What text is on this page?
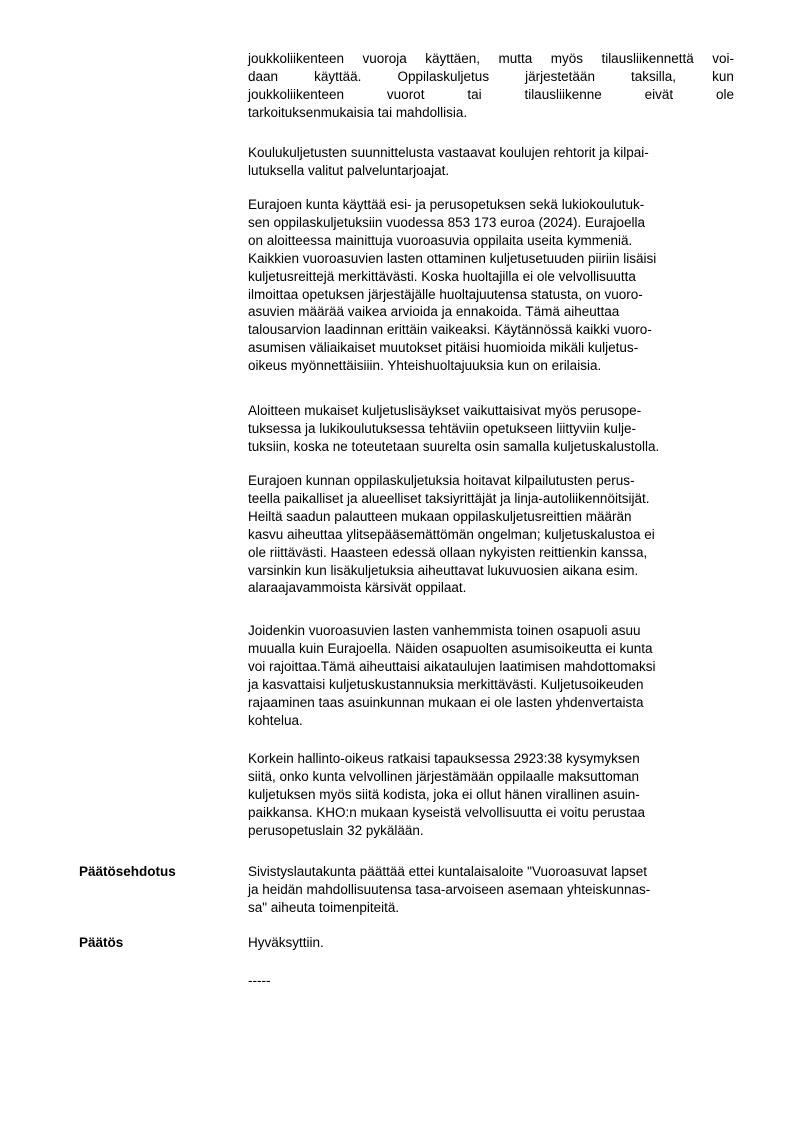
joukkoliikenteen vuoroja käyttäen, mutta myös tilausliikennettä voi-
daan	käyttää.	Oppilaskuljetus	järjestetään	taksilla,	kun
joukkoliikenteen	vuorot	tai	tilausliikenne	eivät	ole
tarkoituksenmukaisia tai mahdollisia.
Koulukuljetusten suunnittelusta vastaavat koulujen rehtorit ja kilpai-
lutuksella valitut palveluntarjoajat.
Eurajoen kunta käyttää esi- ja perusopetuksen sekä lukiokoulutuk-
sen oppilaskuljetuksiin vuodessa 853 173 euroa (2024). Eurajoella
on aloitteessa mainittuja vuoroasuvia oppilaita useita kymmeniä.
Kaikkien vuoroasuvien lasten ottaminen kuljetusetuuden piiriin lisäisi
kuljetusreittejä merkittävästi. Koska huoltajilla ei ole velvollisuutta
ilmoittaa opetuksen järjestäjälle huoltajuutensa statusta, on vuoro-
asuvien määrää vaikea arvioida ja ennakoida. Tämä aiheuttaa
talousarvion laadinnan erittäin vaikeaksi. Käytännössä kaikki vuoro-
asumisen väliaikaiset muutokset pitäisi huomioida mikäli kuljetus-
oikeus myönnettäisiiin. Yhteishuoltajuuksia kun on erilaisia.
Aloitteen mukaiset kuljetuslisäykset vaikuttaisivat myös perusope-
tuksessa ja lukikoulutuksessa tehtäviin opetukseen liittyviin kulje-
tuksiin, koska ne toteutetaan suurelta osin samalla kuljetuskalustolla.
Eurajoen kunnan oppilaskuljetuksia hoitavat kilpailutusten perus-
teella paikalliset ja alueelliset taksiyrittäjät ja linja-autoliikennöitsijät.
Heiltä saadun palautteen mukaan oppilaskuljetusreittien määrän
kasvu aiheuttaa ylitsepääsemättömän ongelman; kuljetuskalustoa ei
ole riittävästi. Haasteen edessä ollaan nykyisten reittienkin kanssa,
varsinkin kun lisäkuljetuksia aiheuttavat lukuvuosien aikana esim.
alaraajavammoista kärsivät oppilaat.
Joidenkin vuoroasuvien lasten vanhemmista toinen osapuoli asuu
muualla kuin Eurajoella. Näiden osapuolten asumisoikeutta ei kunta
voi rajoittaa.Tämä aiheuttaisi aikataulujen laatimisen mahdottomaksi
ja kasvattaisi kuljetuskustannuksia merkittävästi. Kuljetusoikeuden
rajaaminen taas asuinkunnan mukaan ei ole lasten yhdenvertaista
kohtelua.
Korkein hallinto-oikeus ratkaisi tapauksessa 2923:38 kysymyksen
siitä, onko kunta velvollinen järjestämään oppilaalle maksuttoman
kuljetuksen myös siitä kodista, joka ei ollut hänen virallinen asuin-
paikkansa. KHO:n mukaan kyseistä velvollisuutta ei voitu perustaa
perusopetuslain 32 pykälään.
Päätösehdotus	Sivistyslautakunta päättää ettei kuntalaisaloite "Vuoroasuvat lapset
ja heidän mahdollisuutensa tasa-arvoiseen asemaan yhteiskunnas-
sa" aiheuta toimenpiteitä.
Päätös	Hyväksyttiin.
-----
